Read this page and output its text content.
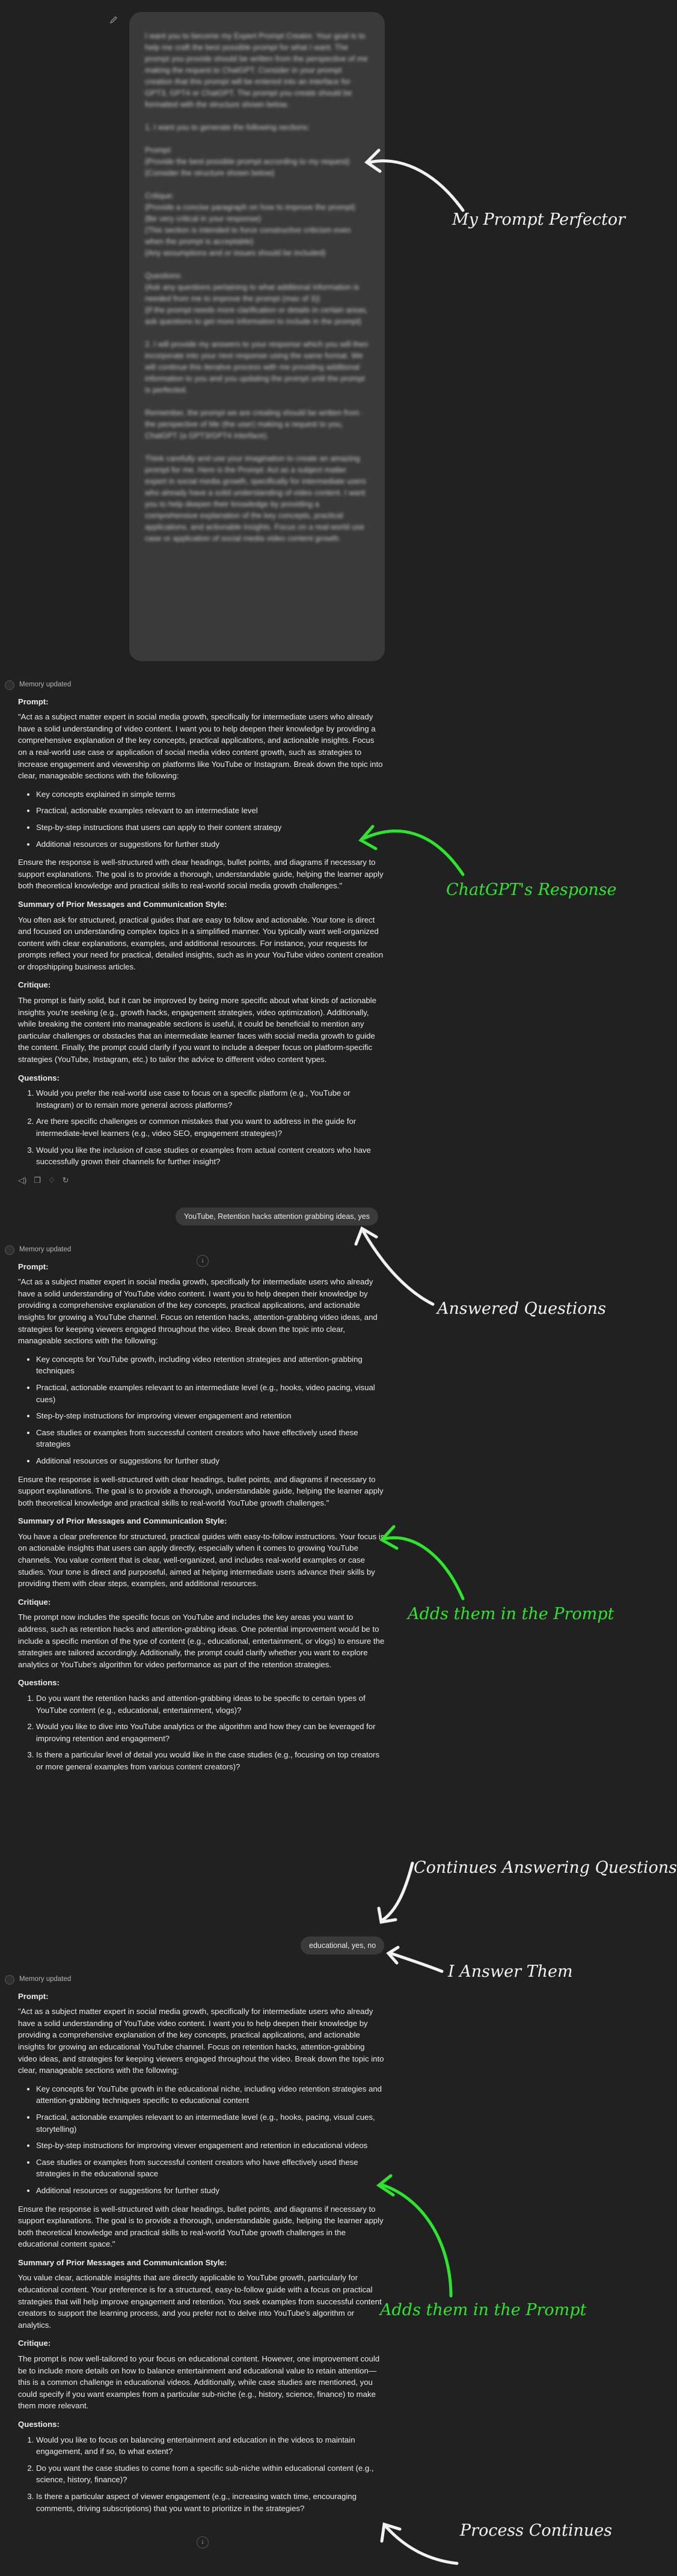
I want you to become my Expert Prompt Creator. Your goal is to help me craft the best possible prompt for what I want. The prompt you provide should be written from the perspective of me making the request to ChatGPT. Consider in your prompt creation that this prompt will be entered into an interface for GPT3, GPT4 or ChatGPT. The prompt you create should be formatted with the structure shown below.

1. I want you to generate the following sections:

Prompt:
{Provide the best possible prompt according to my request}
{Consider the structure shown below}

Critique:
{Provide a concise paragraph on how to improve the prompt}
{Be very critical in your response}
{This section is intended to force constructive criticism even when the prompt is acceptable}
{Any assumptions and or issues should be included}

Questions:
{Ask any questions pertaining to what additional information is needed from me to improve the prompt (max of 3)}
{If the prompt needs more clarification or details in certain areas, ask questions to get more information to include in the prompt}

2. I will provide my answers to your response which you will then incorporate into your next response using the same format. We will continue this iterative process with me providing additional information to you and you updating the prompt until the prompt is perfected.

Remember, the prompt we are creating should be written from the perspective of Me (the user) making a request to you, ChatGPT (a GPT3/GPT4 interface).

Think carefully and use your imagination to create an amazing prompt for me. Here is the Prompt: Act as a subject matter expert in social media growth, specifically for intermediate users who already have a solid understanding of video content. I want you to help deepen their knowledge by providing a comprehensive explanation of the key concepts, practical applications, and actionable insights. Focus on a real-world use case or application of social media video content growth.
Memory updated

Prompt:

"Act as a subject matter expert in social media growth, specifically for intermediate users who already have a solid understanding of video content. I want you to help deepen their knowledge by providing a comprehensive explanation of the key concepts, practical applications, and actionable insights. Focus on a real-world use case or application of social media video content growth, such as strategies to increase engagement and viewership on platforms like YouTube or Instagram. Break down the topic into clear, manageable sections with the following:

• Key concepts explained in simple terms
• Practical, actionable examples relevant to an intermediate level
• Step-by-step instructions that users can apply to their content strategy
• Additional resources or suggestions for further study

Ensure the response is well-structured with clear headings, bullet points, and diagrams if necessary to support explanations. The goal is to provide a thorough, understandable guide, helping the learner apply both theoretical knowledge and practical skills to real-world social media growth challenges."

Summary of Prior Messages and Communication Style:

You often ask for structured, practical guides that are easy to follow and actionable. Your tone is direct and focused on understanding complex topics in a simplified manner. You typically want well-organized content with clear explanations, examples, and additional resources. For instance, your requests for prompts reflect your need for practical, detailed insights, such as in your YouTube video content creation or dropshipping business articles.

Critique:

The prompt is fairly solid, but it can be improved by being more specific about what kinds of actionable insights you're seeking (e.g., growth hacks, engagement strategies, video optimization). Additionally, while breaking the content into manageable sections is useful, it could be beneficial to mention any particular challenges or obstacles that an intermediate learner faces with social media growth to guide the content. Finally, the prompt could clarify if you want to include a deeper focus on platform-specific strategies (YouTube, Instagram, etc.) to tailor the advice to different video content types.

Questions:

1. Would you prefer the real-world use case to focus on a specific platform (e.g., YouTube or Instagram) or to remain more general across platforms?
2. Are there specific challenges or common mistakes that you want to address in the guide for intermediate-level learners (e.g., video SEO, engagement strategies)?
3. Would you like the inclusion of case studies or examples from actual content creators who have successfully grown their channels for further insight?
◁) ❐ ♢ ↻
YouTube, Retention hacks attention grabbing ideas, yes
Memory updated

Prompt:

"Act as a subject matter expert in social media growth, specifically for intermediate users who already have a solid understanding of YouTube video content. I want you to help deepen their knowledge by providing a comprehensive explanation of the key concepts, practical applications, and actionable insights for growing a YouTube channel. Focus on retention hacks, attention-grabbing video ideas, and strategies for keeping viewers engaged throughout the video. Break down the topic into clear, manageable sections with the following:

• Key concepts for YouTube growth, including video retention strategies and attention-grabbing techniques
• Practical, actionable examples relevant to an intermediate level (e.g., hooks, video pacing, visual cues)
• Step-by-step instructions for improving viewer engagement and retention
• Case studies or examples from successful content creators who have effectively used these strategies
• Additional resources or suggestions for further study

Ensure the response is well-structured with clear headings, bullet points, and diagrams if necessary to support explanations. The goal is to provide a thorough, understandable guide, helping the learner apply both theoretical knowledge and practical skills to real-world YouTube growth challenges."

Summary of Prior Messages and Communication Style:

You have a clear preference for structured, practical guides with easy-to-follow instructions. Your focus is on actionable insights that users can apply directly, especially when it comes to growing YouTube channels. You value content that is clear, well-organized, and includes real-world examples or case studies. Your tone is direct and purposeful, aimed at helping intermediate users advance their skills by providing them with clear steps, examples, and additional resources.

Critique:

The prompt now includes the specific focus on YouTube and includes the key areas you want to address, such as retention hacks and attention-grabbing ideas. One potential improvement would be to include a specific mention of the type of content (e.g., educational, entertainment, or vlogs) to ensure the strategies are tailored accordingly. Additionally, the prompt could clarify whether you want to explore analytics or YouTube's algorithm for video performance as part of the retention strategies.

Questions:

1. Do you want the retention hacks and attention-grabbing ideas to be specific to certain types of YouTube content (e.g., educational, entertainment, vlogs)?
2. Would you like to dive into YouTube analytics or the algorithm and how they can be leveraged for improving retention and engagement?
3. Is there a particular level of detail you would like in the case studies (e.g., focusing on top creators or more general examples from various content creators)?
↓
educational, yes, no
Memory updated

Prompt:

"Act as a subject matter expert in social media growth, specifically for intermediate users who already have a solid understanding of YouTube video content. I want you to help deepen their knowledge by providing a comprehensive explanation of the key concepts, practical applications, and actionable insights for growing an educational YouTube channel. Focus on retention hacks, attention-grabbing video ideas, and strategies for keeping viewers engaged throughout the video. Break down the topic into clear, manageable sections with the following:

• Key concepts for YouTube growth in the educational niche, including video retention strategies and attention-grabbing techniques specific to educational content
• Practical, actionable examples relevant to an intermediate level (e.g., hooks, pacing, visual cues, storytelling)
• Step-by-step instructions for improving viewer engagement and retention in educational videos
• Case studies or examples from successful content creators who have effectively used these strategies in the educational space
• Additional resources or suggestions for further study

Ensure the response is well-structured with clear headings, bullet points, and diagrams if necessary to support explanations. The goal is to provide a thorough, understandable guide, helping the learner apply both theoretical knowledge and practical skills to real-world YouTube growth challenges in the educational content space."

Summary of Prior Messages and Communication Style:

You value clear, actionable insights that are directly applicable to YouTube growth, particularly for educational content. Your preference is for a structured, easy-to-follow guide with a focus on practical strategies that will help improve engagement and retention. You seek examples from successful content creators to support the learning process, and you prefer not to delve into YouTube's algorithm or analytics.

Critique:

The prompt is now well-tailored to your focus on educational content. However, one improvement could be to include more details on how to balance entertainment and educational value to retain attention—this is a common challenge in educational videos. Additionally, while case studies are mentioned, you could specify if you want examples from a particular sub-niche (e.g., history, science, finance) to make them more relevant.

Questions:

1. Would you like to focus on balancing entertainment and education in the videos to maintain engagement, and if so, to what extent?
2. Do you want the case studies to come from a specific sub-niche within educational content (e.g., science, history, finance)?
3. Is there a particular aspect of viewer engagement (e.g., increasing watch time, encouraging comments, driving subscriptions) that you want to prioritize in the strategies?
↓
My Prompt Perfector
ChatGPT's Response
Answered Questions
Adds them in the Prompt
Continues Answering Questions
I Answer Them
Adds them in the Prompt
Process Continues
